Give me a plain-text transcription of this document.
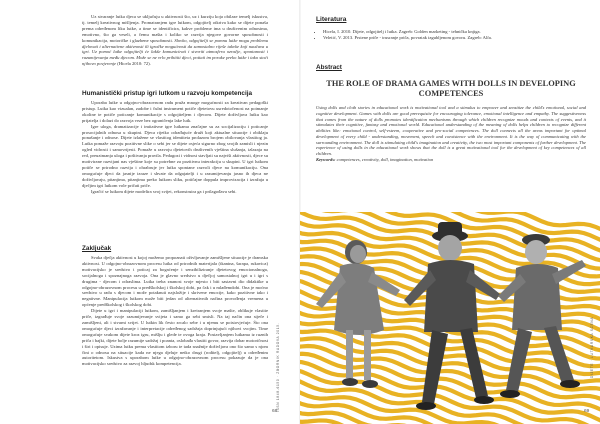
Uz stvaranje lutka djeca se uključuju u aktivnosti što, uz i kurziju koja obilaze temelj iskustva, tj. temelj kreativnog mišljenja. Promatranjem igre lutkom, odgojitelj otkriva kako se dijete ponaša prema određenom liku lutke, a time se identificira, kakve probleme ima u društvenim odnosima, emotivno, što ga veseli, a čemu mašta i koliko se razvija njegove govorne sposobnosti i komunikacija, motoričke i glazbene sposobnosti. Slovko, odgojitelji se pomnu lutke mogu problemu djelovati i alternativne aktivnosti ili igračke mogućnosti da samostalno riješe takvke koji naučava u igri. Uz pomoć lutke odgojitelji će lakše komunicirati i stvoriti atmosferu ozračje, spontanosti i razumijevanja među djecom. Može se ne vrlo prihititi djeci, potiati im poruke preko lutke i tako stoći njihovo povjerenje (Hicela 2010: 72).

Humanistički pristup igri lutkom u razvoju kompetencija

Uporaba lutke u odgojno-obrazovnom radu pruža mnoge mogućnosti za kreativan pedagoški pristup. Lutka kao vizualan, zadobe i čulni instrument potiče djetetovu usredotočenost na poimanje okoline te potiče poticanje komunikacije s odgojiteljem i djecom. Dijete doživljava lutku kao prijatelja i dolazi do razvoja veze bez ograničenja lake lutk.

Igre uloga, dramatizacije i imitativne igre lutkama značajne su za socijalizaciju i poticanje prosocijalnih odnosa u skupini. Djeca rijetko odrađujuće druži koji aktualne situacije i obiklaju ponašanje i odnose. Dijete izlažene se vlastitog identiteta prolazom brojem obilovanja vlastitog ja. Lutka pomaže razvoju pozitivne slike o sebi jer se dijete osjeća sigurno zbog svojih zamisli i njezin ogled vidrosti i samovrijesti. Pomaže u razvoju djetetovih društvenih vještina slušanja, izlazaja na red, preuzimanja uloga i poštivanja pravila. Pedagozi i vidnost stavljati su najviši aktivnosti, djece su motivirane razvijani nas vještine koje su potrebne za pozitivnu interakciju u skupini. U igri lutkom potiče se prirodno razvija i ohrabruje jer lutka spontane razvoli djece na komunikaciju. Ona omogućuje djeci da jasnije izraze i shvate da odgajatelji i u razumijevanju jasno ih djeca ne doživljavaju, pitanjima, pitanjima preko lutkom sliku, potičajne doppula improvizacija i izražaja u dječjim igri lutkom vole pričati priče.

Igračić se lutkom dijete modelira svoj svijet, rekonstruira ga i prilagođava sebi.

Zaključak

Svaka dječja aktivnost u kojoj možemo propoznati oživljavanje zamišljene situacije je dramska aktivnost. U odgojno-obrazovnom procesu lutka od prirodnih materijala (tkanina, šarapa, rukavica) motivacijsko je sredstvo i poticaj za bogaćenje i senzibiliziranje djetetovog emocionalnoga, socijalnoga i spoznajnoga razvoja. Ona je glavno sredstvo u dječjoj samostalnoj igri u i igri s drugima - djecom i odraslima. Lutka treba znanost svoje mjesto i biti sastavni dio didaktike u odgojno-obrazovnom procesu u predškolskoj i školskoj dobi, pa čak i u mlađemdobi. Ona je moćno sredstvo u radu s djecom i može potaknuti najsložije i skrivene emocije, kako pozitivne tako i negativne. Manipulacija lutkom može biti jedan od alternativnih načina provođenja vremena u općenje predškolskog i školskog dobi.

Dijete u igri i manipulaciji lutkom, zamišljanjem i kreiranjem svoje mašte, oblikuje vlastite priče, izgrađuje svoje razumijevanje svijeta i samo ga sebi smisli. Na taj način ona stječe i zamišljeni, ali i stvarni svijet. U lutkin lik često zrcalo sebe i u njemu se poistovjećuje. Što ona omogućuje djeci izražavanje i interpretacije određenog sadržaja doprinjujući njihovi svojim. Time omogućuje svakom dijete kroz igru, mišlju i glede te ovoga kraja. Postavljanjem lutkama iz ruznih priča i bajki, dijete bolje razumije sadržaj i poanta, oslobađa vlastiti govor, razvija dobar motoričnost i širi i opisuje. Uzima lutku prema vlastitom izboru te tada snažnije doživljava ono što samo s njom čini o odnosu na situacije kada ne njega djeluje netko drugi (roditelj, odgojitelj) u određenim autoritetom. Iskustva s uporabom lutke u odgojno-obrazovnom procesu pokazuje da je ona motivacijsko sredstvo za razvoj hljudsk kompetencija.	ISSN 1848-6150 · ZBORNIK RADOVA 2015.
68
Literatura
• Hicela, I. 2010. Dijete, odgojitelj i lutka. Zagreb: Golden marketing - tehnička knjiga.
• Veletić, V. 2013. Prstene priče - trusranje priča, povratak izgubljenom govoru. Zagreb: Alfa.
Abstract
THE ROLE OF DRAMA GAMES WITH DOLLS IN DEVELOPING COMPETENCES

Using dolls and cloth stories in educational work is motivational tool and a stimulus to empower and sensitize the child's emotional, social and cognitive development. Games with dolls are good prerequisite for encouraging tolerance, emotional intelligence and empathy. The suggestiveness that comes from the nature of dolls promotes identification mechanisms through which children recognize moods and contexts of events, and it stimulates their cognitive, fantasy and emotional world. Educational understanding of the meaning of dolls helps children to recognize different abilities like: emotional control, self-esteem, cooperative and pro-social competences. The doll connects all the areas important for optimal development of every child - understanding, movement, speech and coexistence with the environment. It is the way of communicating with the surrounding environment. The doll is stimulating child's imagination and creativity, the two most important components of further development. The experience of using dolls in the educational work shows that the doll is a great motivational tool for the development of key competences of all children.

Keywords: competences, creativity, doll, imagination, motivation

DIJETE · LUTKARSKA SCENA
69
